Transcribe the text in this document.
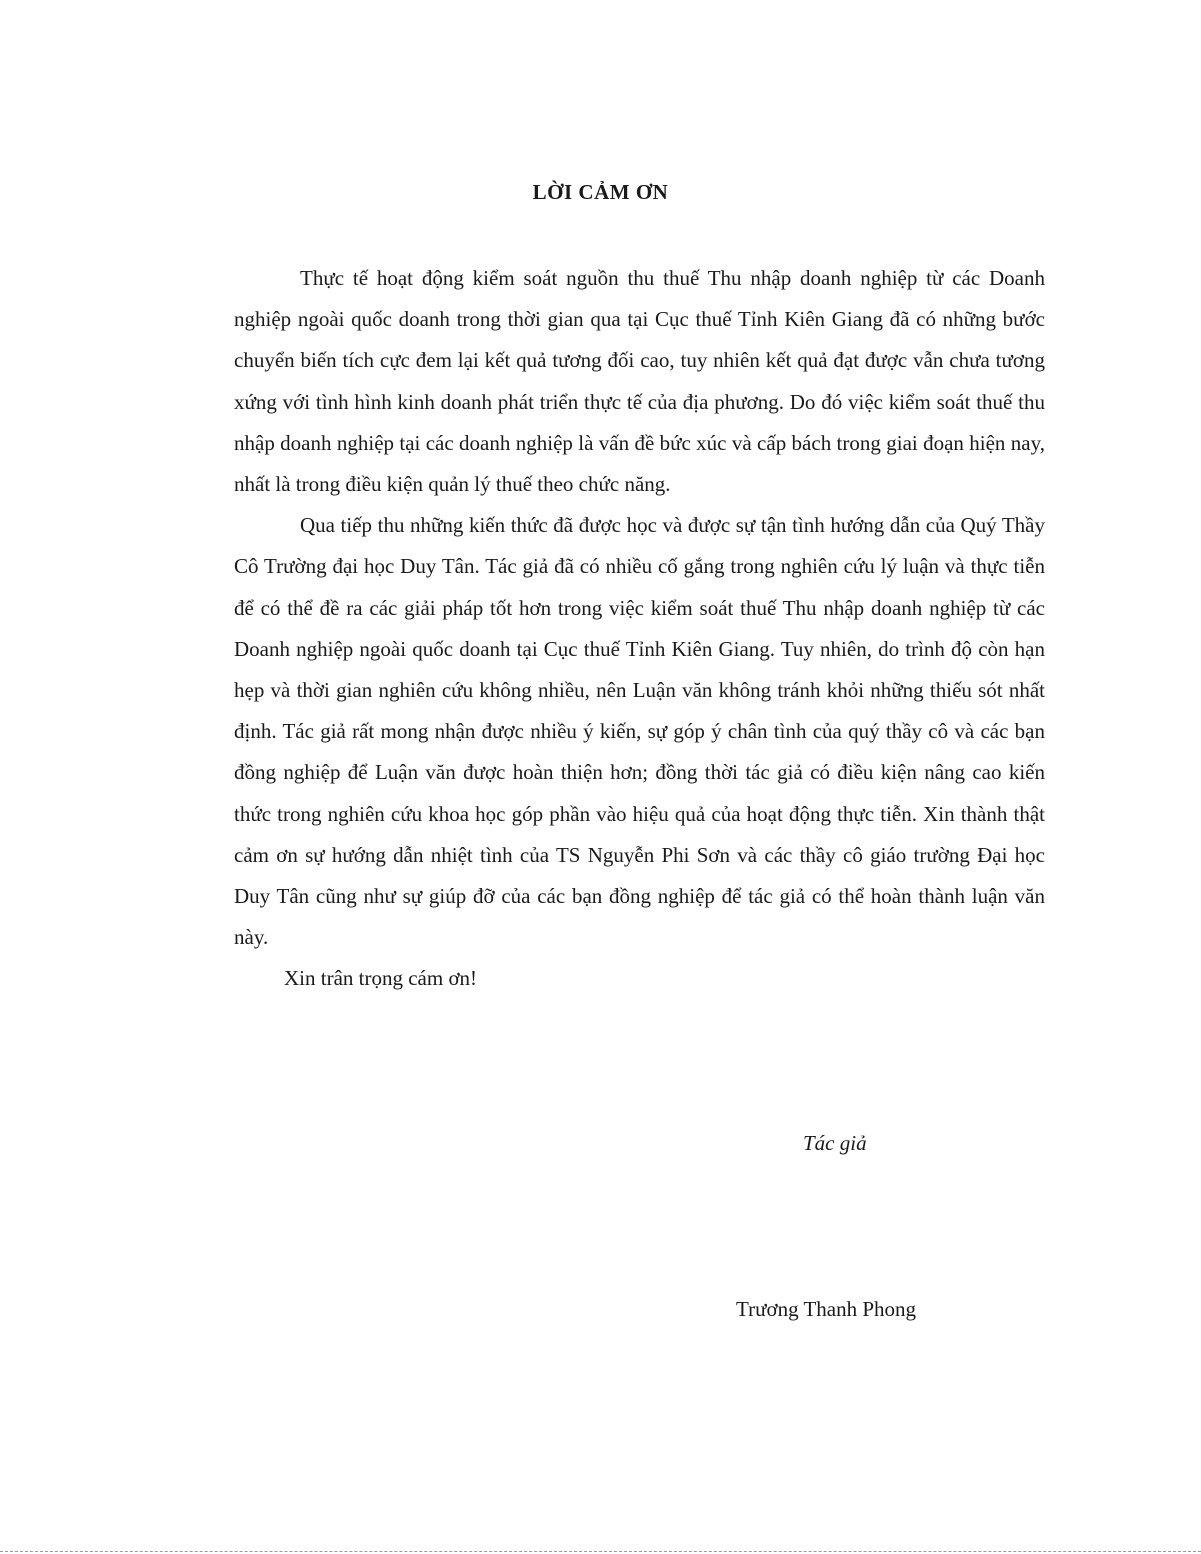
LỜI CẢM ƠN

Thực tế hoạt động kiểm soát nguồn thu thuế Thu nhập doanh nghiệp từ các Doanh nghiệp ngoài quốc doanh trong thời gian qua tại Cục thuế Tỉnh Kiên Giang đã có những bước chuyển biến tích cực đem lại kết quả tương đối cao, tuy nhiên kết quả đạt được vẫn chưa tương xứng với tình hình kinh doanh phát triển thực tế của địa phương. Do đó việc kiểm soát thuế thu nhập doanh nghiệp tại các doanh nghiệp là vấn đề bức xúc và cấp bách trong giai đoạn hiện nay, nhất là trong điều kiện quản lý thuế theo chức năng.

Qua tiếp thu những kiến thức đã được học và được sự tận tình hướng dẫn của Quý Thầy Cô Trường đại học Duy Tân. Tác giả đã có nhiều cố gắng trong nghiên cứu lý luận và thực tiễn để có thể đề ra các giải pháp tốt hơn trong việc kiểm soát thuế Thu nhập doanh nghiệp từ các Doanh nghiệp ngoài quốc doanh tại Cục thuế Tỉnh Kiên Giang. Tuy nhiên, do trình độ còn hạn hẹp và thời gian nghiên cứu không nhiều, nên Luận văn không tránh khỏi những thiếu sót nhất định. Tác giả rất mong nhận được nhiều ý kiến, sự góp ý chân tình của quý thầy cô và các bạn đồng nghiệp để Luận văn được hoàn thiện hơn; đồng thời tác giả có điều kiện nâng cao kiến thức trong nghiên cứu khoa học góp phần vào hiệu quả của hoạt động thực tiễn. Xin thành thật cảm ơn sự hướng dẫn nhiệt tình của TS Nguyễn Phi Sơn và các thầy cô giáo trường Đại học Duy Tân cũng như sự giúp đỡ của các bạn đồng nghiệp để tác giả có thể hoàn thành luận văn này.

Xin trân trọng cám ơn!

Tác giả
Trương Thanh Phong
